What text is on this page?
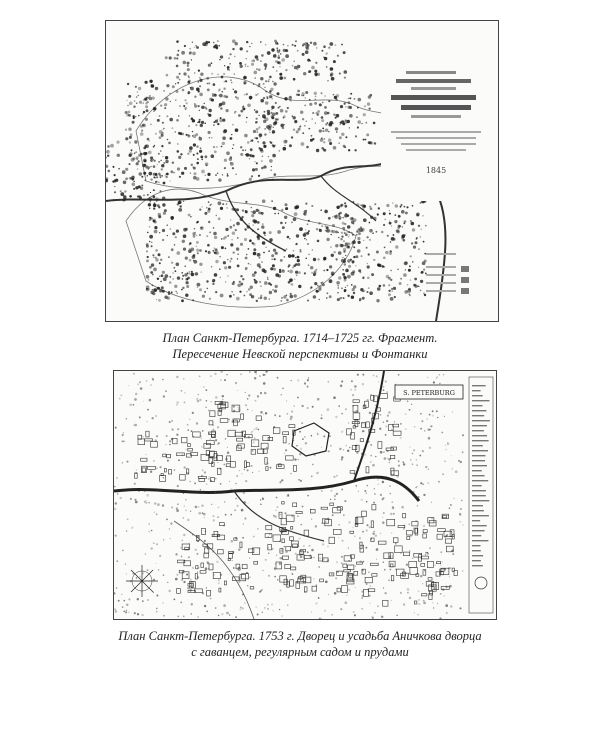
1845
План Санкт-Петербурга. 1714–1725 гг. Фрагмент.
Пересечение Невской перспективы и Фонтанки
S. PETERBURG
План Санкт-Петербурга. 1753 г. Дворец и усадьба Аничкова дворца
с гаванцем, регулярным садом и прудами
